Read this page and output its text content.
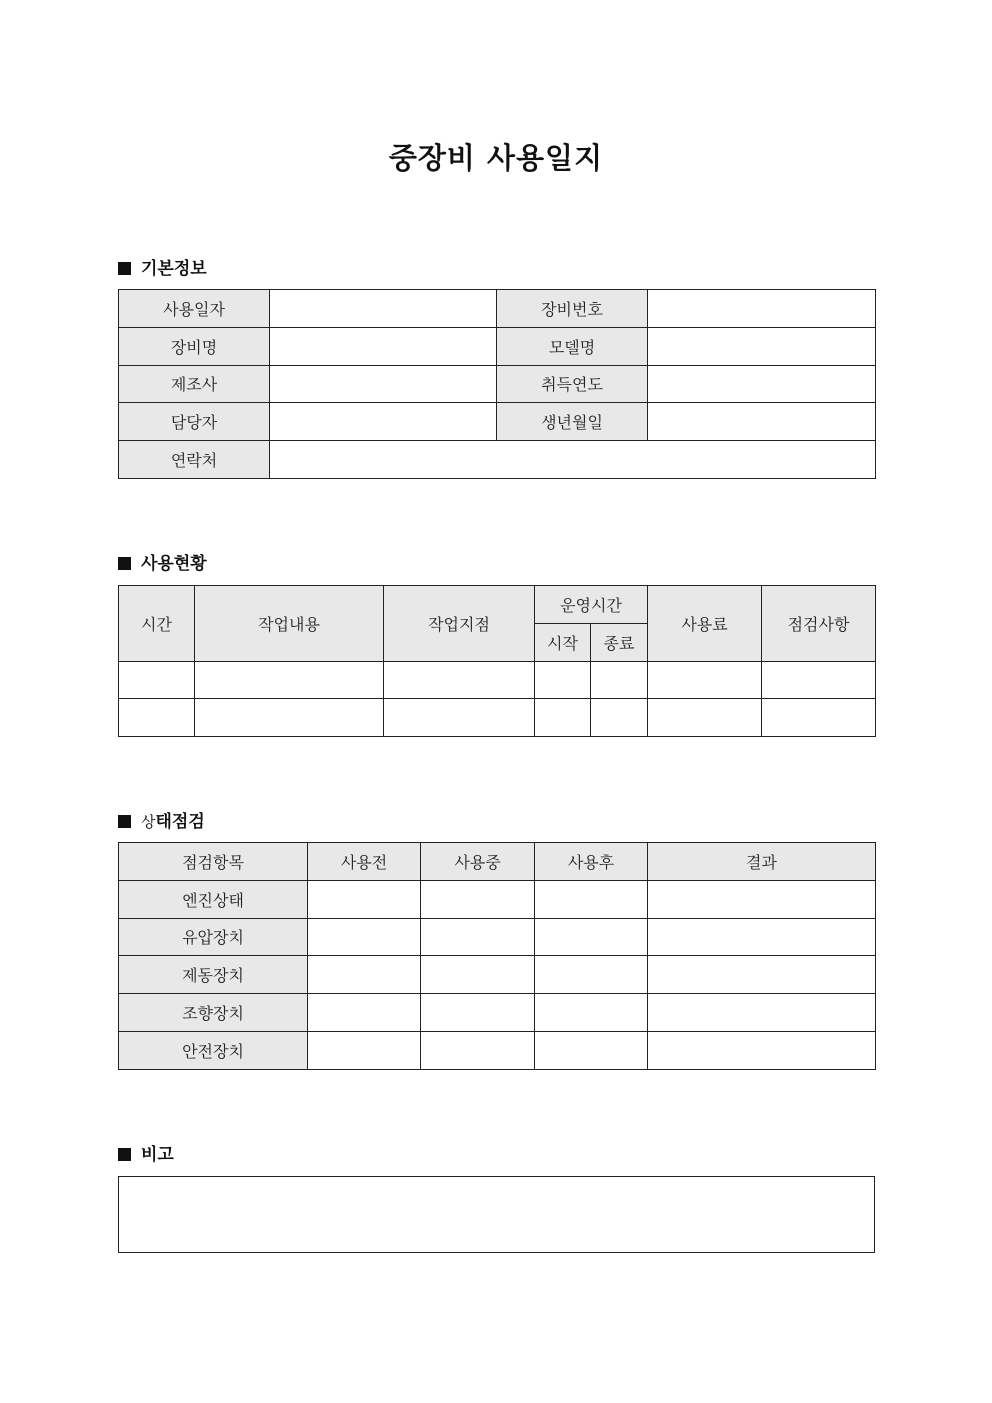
중장비 사용일지
기본정보
사용일자		장비번호	
장비명		모델명	
제조사		취득연도	
담당자		생년월일	
연락처			
사용현황
시간	작업내용	작업지점	운영시간		사용료	점검사항
			시작	종료		

상태점검
점검항목	사용전	사용중	사용후	결과
엔진상태				
유압장치				
제동장치				
조향장치				
안전장치				
비고
